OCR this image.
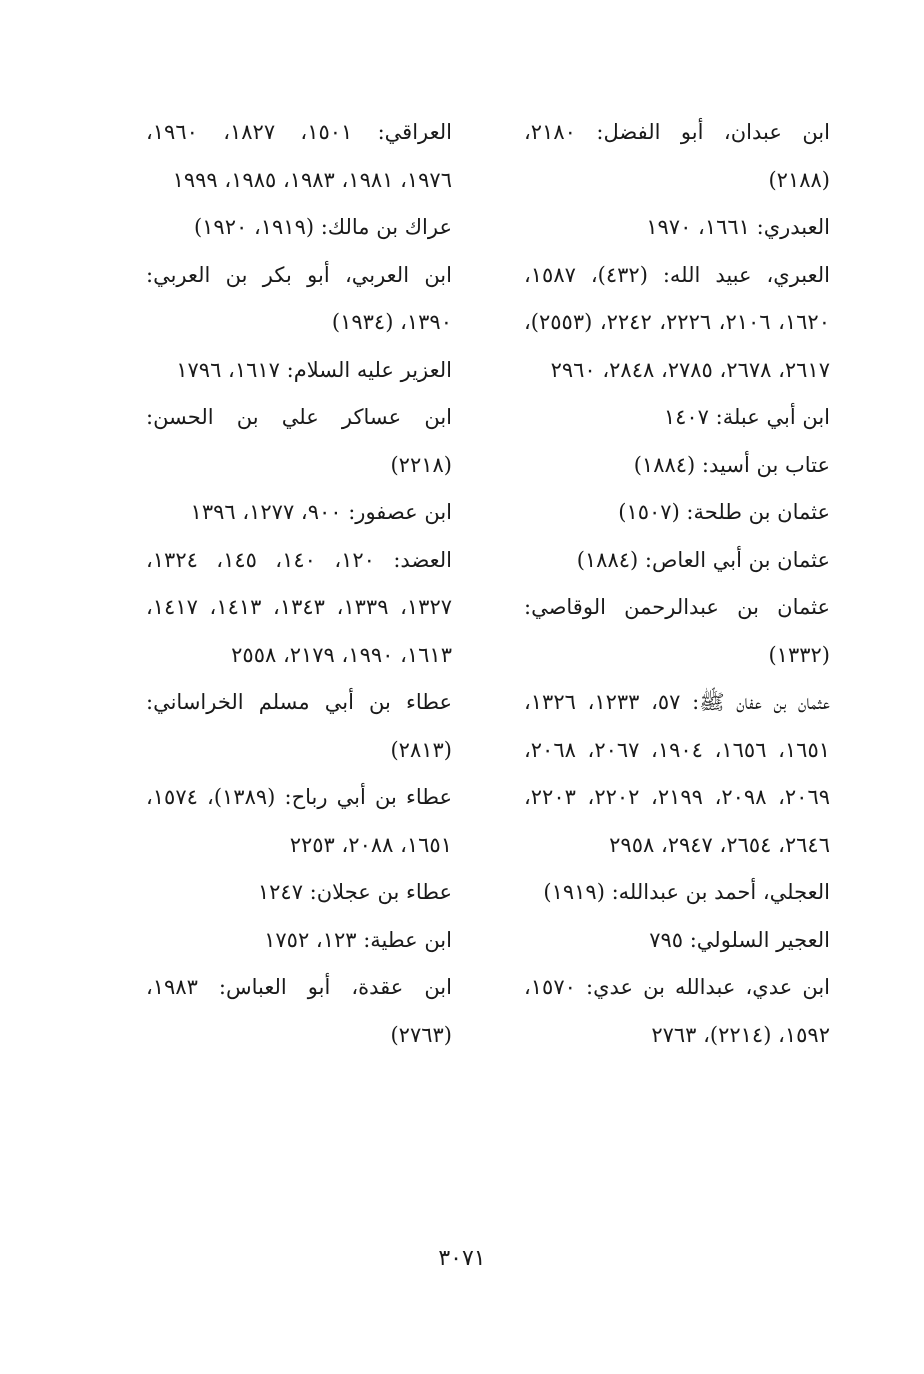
ابن عبدان، أبو الفضل: ٢١٨٠، (٢١٨٨)

العبدري: ١٦٦١، ١٩٧٠

العبري، عبيد الله: (٤٣٢)، ١٥٨٧، ١٦٢٠، ٢١٠٦، ٢٢٢٦، ٢٢٤٢، (٢٥٥٣)، ٢٦١٧، ٢٦٧٨، ٢٧٨٥، ٢٨٤٨، ٢٩٦٠

ابن أبي عبلة: ١٤٠٧

عتاب بن أسيد: (١٨٨٤)

عثمان بن طلحة: (١٥٠٧)

عثمان بن أبي العاص: (١٨٨٤)

عثمان بن عبدالرحمن الوقاصي: (١٣٣٢)

عثمان بن عفان ﷺ: ٥٧، ١٢٣٣، ١٣٢٦، ١٦٥١، ١٦٥٦، ١٩٠٤، ٢٠٦٧، ٢٠٦٨، ٢٠٦٩، ٢٠٩٨، ٢١٩٩، ٢٢٠٢، ٢٢٠٣، ٢٦٤٦، ٢٦٥٤، ٢٩٤٧، ٢٩٥٨

العجلي، أحمد بن عبدالله: (١٩١٩)

العجير السلولي: ٧٩٥

ابن عدي، عبدالله بن عدي: ١٥٧٠، ١٥٩٢، (٢٢١٤)، ٢٧٦٣

العراقي: ١٥٠١، ١٨٢٧، ١٩٦٠، ١٩٧٦، ١٩٨١، ١٩٨٣، ١٩٨٥، ١٩٩٩

عراك بن مالك: (١٩١٩، ١٩٢٠)

ابن العربي، أبو بكر بن العربي: ١٣٩٠، (١٩٣٤)

العزير عليه السلام: ١٦١٧، ١٧٩٦

ابن عساكر علي بن الحسن: (٢٢١٨)

ابن عصفور: ٩٠٠، ١٢٧٧، ١٣٩٦

العضد: ١٢٠، ١٤٠، ١٤٥، ١٣٢٤، ١٣٢٧، ١٣٣٩، ١٣٤٣، ١٤١٣، ١٤١٧، ١٦١٣، ١٩٩٠، ٢١٧٩، ٢٥٥٨

عطاء بن أبي مسلم الخراساني: (٢٨١٣)

عطاء بن أبي رباح: (١٣٨٩)، ١٥٧٤، ١٦٥١، ٢٠٨٨، ٢٢٥٣

عطاء بن عجلان: ١٢٤٧

ابن عطية: ١٢٣، ١٧٥٢

ابن عقدة، أبو العباس: ١٩٨٣، (٢٧٦٣)

٣٠٧١
